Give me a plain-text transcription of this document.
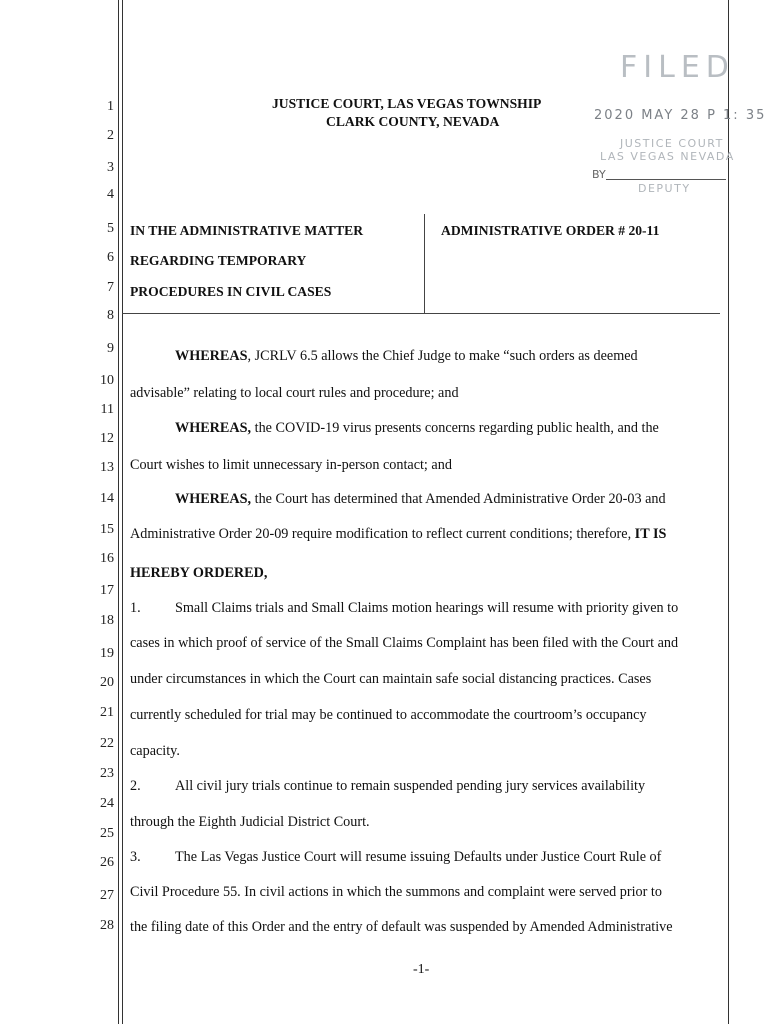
1
2
3
4
5
6
7
8
9
10
11
12
13
14
15
16
17
18
19
20
21
22
23
24
25
26
27
28
JUSTICE COURT, LAS VEGAS TOWNSHIP
CLARK COUNTY, NEVADA
FILED
2020 MAY 28 P 1: 35
JUSTICE COURT
LAS VEGAS NEVADA
BY
DEPUTY
IN THE ADMINISTRATIVE MATTER
REGARDING TEMPORARY
PROCEDURES IN CIVIL CASES
ADMINISTRATIVE ORDER # 20-11
WHEREAS, JCRLV 6.5 allows the Chief Judge to make “such orders as deemed
advisable” relating to local court rules and procedure; and
WHEREAS, the COVID-19 virus presents concerns regarding public health, and the
Court wishes to limit unnecessary in-person contact; and
WHEREAS, the Court has determined that Amended Administrative Order 20-03 and
Administrative Order 20-09 require modification to reflect current conditions; therefore, IT IS
HEREBY ORDERED,
1. Small Claims trials and Small Claims motion hearings will resume with priority given to
cases in which proof of service of the Small Claims Complaint has been filed with the Court and
under circumstances in which the Court can maintain safe social distancing practices. Cases
currently scheduled for trial may be continued to accommodate the courtroom’s occupancy
capacity.
2. All civil jury trials continue to remain suspended pending jury services availability
through the Eighth Judicial District Court.
3. The Las Vegas Justice Court will resume issuing Defaults under Justice Court Rule of
Civil Procedure 55. In civil actions in which the summons and complaint were served prior to
the filing date of this Order and the entry of default was suspended by Amended Administrative
-1-
